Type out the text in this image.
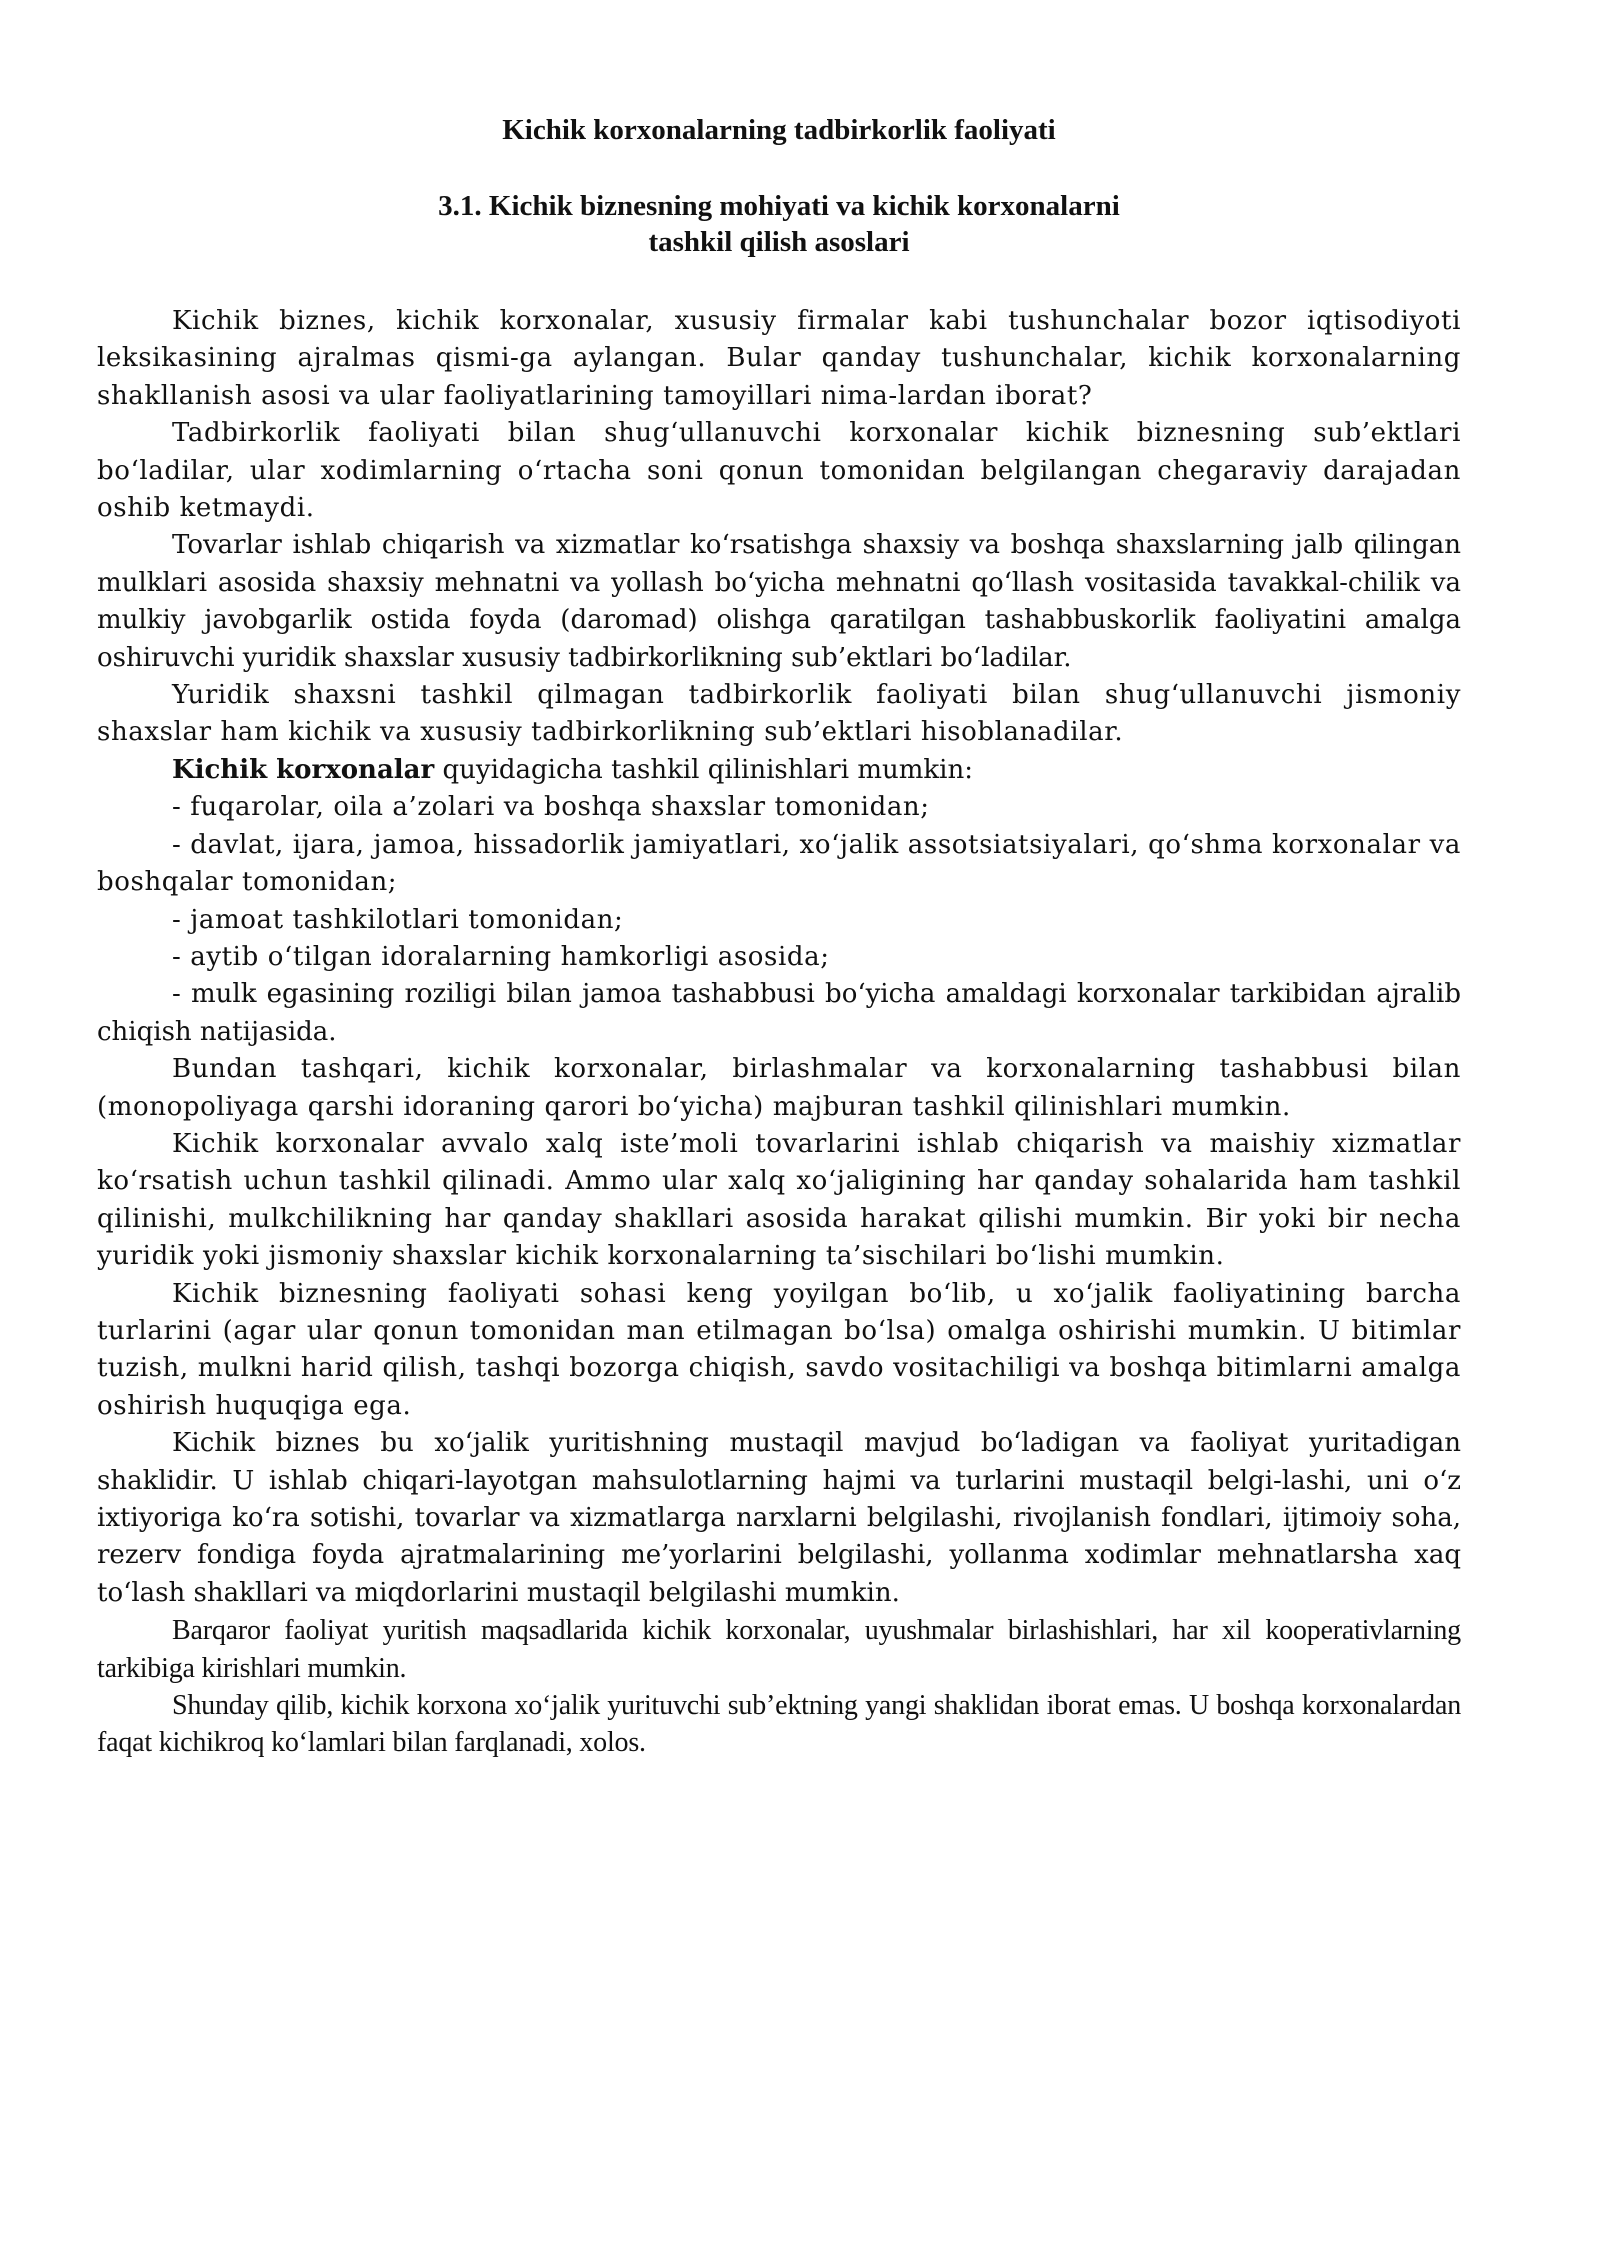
Kichik korxonalarning tadbirkorlik faoliyati
3.1. Kichik biznesning mohiyati va kichik korxonalarni
tashkil qilish asoslari

Kichik biznes, kichik korxonalar, xususiy firmalar kabi tushunchalar bozor iqtisodiyoti leksikasining ajralmas qismi-ga aylangan. Bular qanday tushunchalar, kichik korxonalarning shakllanish asosi va ular faoliyatlarining tamoyillari nima-lardan iborat?

Tadbirkorlik faoliyati bilan shug‘ullanuvchi korxonalar kichik biznesning sub’ektlari bo‘ladilar, ular xodimlarning o‘rtacha soni qonun tomonidan belgilangan chegaraviy darajadan oshib ketmaydi.

Tovarlar ishlab chiqarish va xizmatlar ko‘rsatishga shaxsiy va boshqa shaxslarning jalb qilingan mulklari asosida shaxsiy mehnatni va yollash bo‘yicha mehnatni qo‘llash vositasida tavakkal-chilik va mulkiy javobgarlik ostida foyda (daromad) olishga qaratilgan tashabbuskorlik faoliyatini amalga oshiruvchi yuridik shaxslar xususiy tadbirkorlikning sub’ektlari bo‘ladilar.

Yuridik shaxsni tashkil qilmagan tadbirkorlik faoliyati bilan shug‘ullanuvchi jismoniy shaxslar ham kichik va xususiy tadbirkorlikning sub’ektlari hisoblanadilar.

Kichik korxonalar quyidagicha tashkil qilinishlari mumkin:

- fuqarolar, oila a’zolari va boshqa shaxslar tomonidan;

- davlat, ijara, jamoa, hissadorlik jamiyatlari, xo‘jalik assotsiatsiyalari, qo‘shma korxonalar va boshqalar tomonidan;

- jamoat tashkilotlari tomonidan;

- aytib o‘tilgan idoralarning hamkorligi asosida;

- mulk egasining roziligi bilan jamoa tashabbusi bo‘yicha amaldagi korxonalar tarkibidan ajralib chiqish natijasida.

Bundan tashqari, kichik korxonalar, birlashmalar va korxonalarning tashabbusi bilan (monopoliyaga qarshi idoraning qarori bo‘yicha) majburan tashkil qilinishlari mumkin.

Kichik korxonalar avvalo xalq iste’moli tovarlarini ishlab chiqarish va maishiy xizmatlar ko‘rsatish uchun tashkil qilinadi. Ammo ular xalq xo‘jaligining har qanday sohalarida ham tashkil qilinishi, mulkchilikning har qanday shakllari asosida harakat qilishi mumkin. Bir yoki bir necha yuridik yoki jismoniy shaxslar kichik korxonalarning ta’sischilari bo‘lishi mumkin.

Kichik biznesning faoliyati sohasi keng yoyilgan bo‘lib, u xo‘jalik faoliyatining barcha turlarini (agar ular qonun tomonidan man etilmagan bo‘lsa) omalga oshirishi mumkin. U bitimlar tuzish, mulkni harid qilish, tashqi bozorga chiqish, savdo vositachiligi va boshqa bitimlarni amalga oshirish huquqiga ega.

Kichik biznes bu xo‘jalik yuritishning mustaqil mavjud bo‘ladigan va faoliyat yuritadigan shaklidir. U ishlab chiqari-layotgan mahsulotlarning hajmi va turlarini mustaqil belgi-lashi, uni o‘z ixtiyoriga ko‘ra sotishi, tovarlar va xizmatlarga narxlarni belgilashi, rivojlanish fondlari, ijtimoiy soha, rezerv fondiga foyda ajratmalarining me’yorlarini belgilashi, yollanma xodimlar mehnatlarsha xaq to‘lash shakllari va miqdorlarini mustaqil belgilashi mumkin.

Barqaror faoliyat yuritish maqsadlarida kichik korxonalar, uyushmalar birlashishlari, har xil kooperativlarning tarkibiga kirishlari mumkin.

Shunday qilib, kichik korxona xo‘jalik yurituvchi sub’ektning yangi shaklidan iborat emas. U boshqa korxonalardan faqat kichikroq ko‘lamlari bilan farqlanadi, xolos.
